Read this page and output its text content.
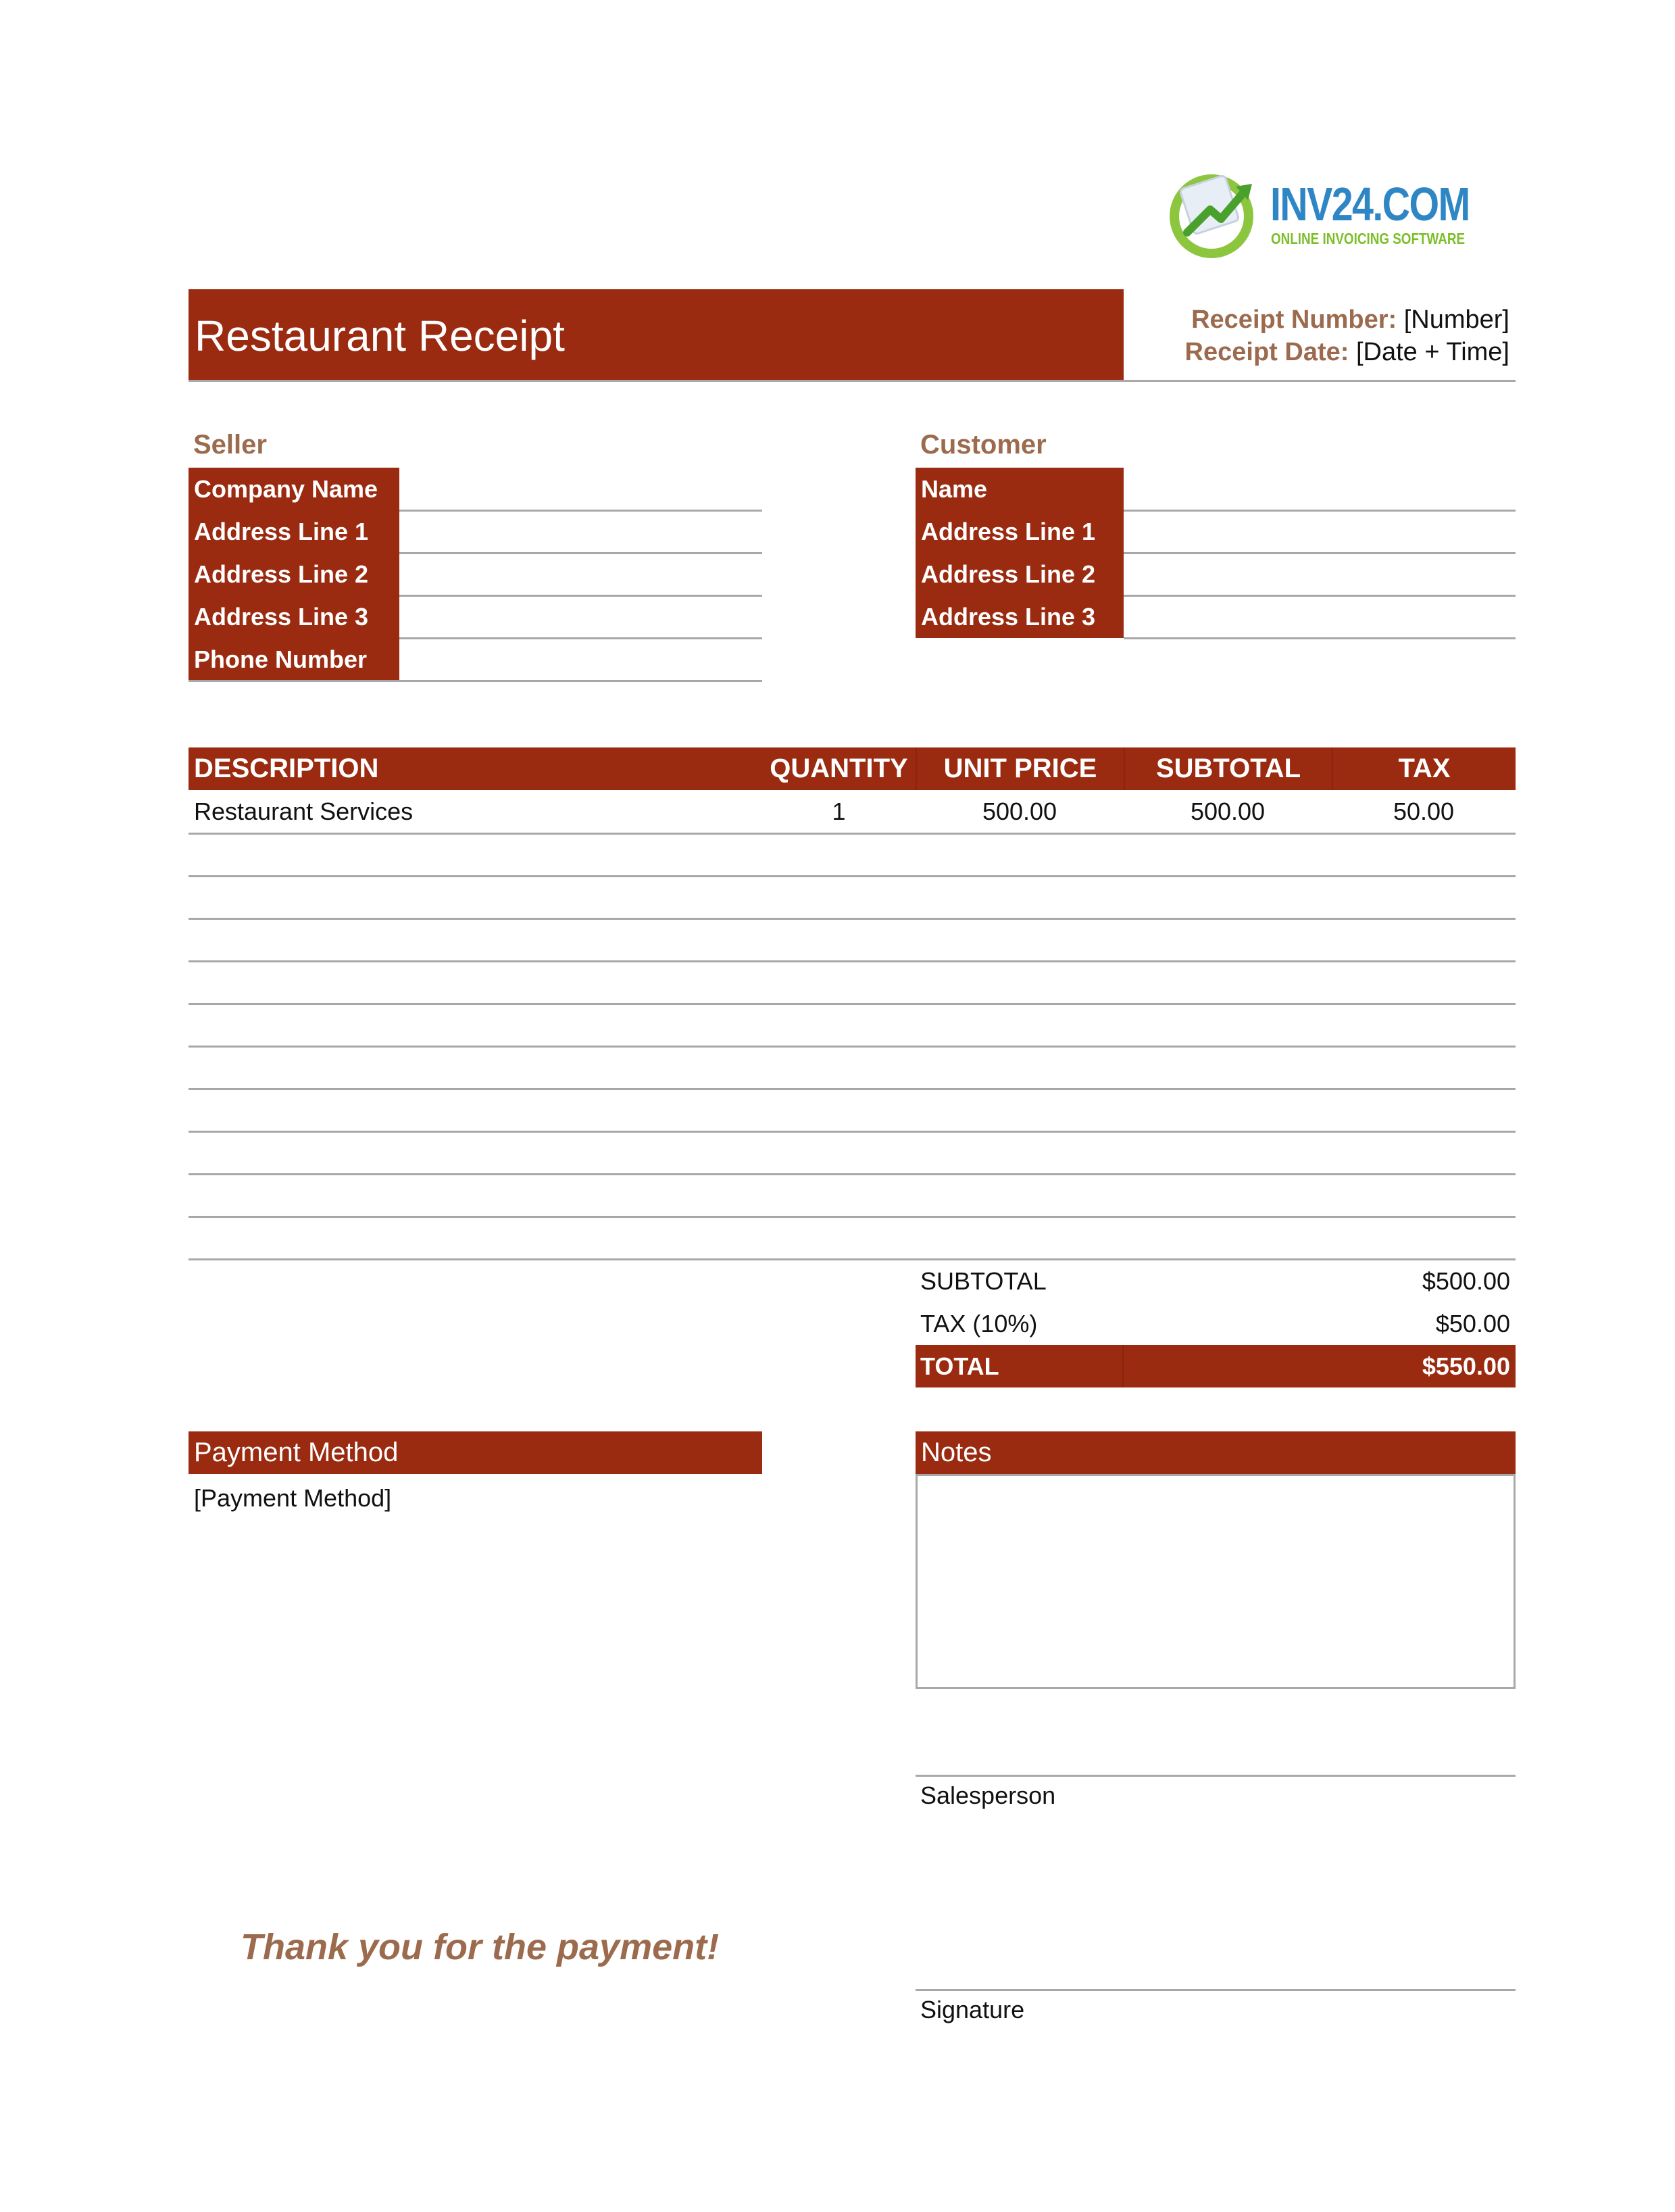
INV24.COM
ONLINE INVOICING SOFTWARE
Restaurant Receipt	Receipt Number: [Number]
Receipt Date: [Date + Time]
Seller
Company Name
Address Line 1
Address Line 2
Address Line 3
Phone Number
Customer
Name
Address Line 1
Address Line 2
Address Line 3
DESCRIPTION	QUANTITY	UNIT PRICE	SUBTOTAL	TAX
Restaurant Services	1	500.00	500.00	50.00
SUBTOTAL	$500.00
TAX (10%)	$50.00
TOTAL	$550.00
Payment Method
[Payment Method]
Notes
Salesperson
Signature
Thank you for the payment!
